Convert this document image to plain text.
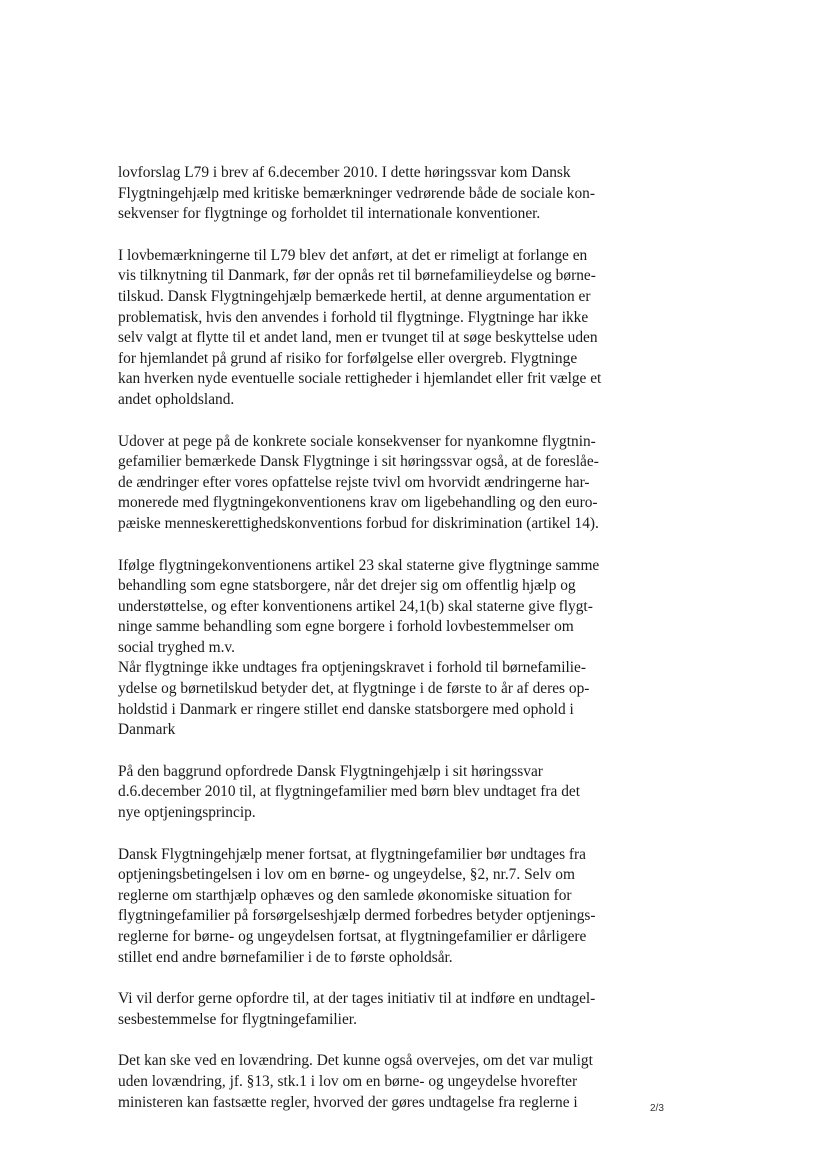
lovforslag L79 i brev af 6.december 2010. I dette høringssvar kom Dansk
Flygtningehjælp med kritiske bemærkninger vedrørende både de sociale kon-
sekvenser for flygtninge og forholdet til internationale konventioner.

I lovbemærkningerne til L79 blev det anført, at det er rimeligt at forlange en
vis tilknytning til Danmark, før der opnås ret til børnefamilieydelse og børne-
tilskud. Dansk Flygtningehjælp bemærkede hertil, at denne argumentation er
problematisk, hvis den anvendes i forhold til flygtninge. Flygtninge har ikke
selv valgt at flytte til et andet land, men er tvunget til at søge beskyttelse uden
for hjemlandet på grund af risiko for forfølgelse eller overgreb. Flygtninge
kan hverken nyde eventuelle sociale rettigheder i hjemlandet eller frit vælge et
andet opholdsland.

Udover at pege på de konkrete sociale konsekvenser for nyankomne flygtnin-
gefamilier bemærkede Dansk Flygtninge i sit høringssvar også, at de foreslåe-
de ændringer efter vores opfattelse rejste tvivl om hvorvidt ændringerne har-
monerede med flygtningekonventionens krav om ligebehandling og den euro-
pæiske menneskerettighedskonventions forbud for diskrimination (artikel 14).

Ifølge flygtningekonventionens artikel 23 skal staterne give flygtninge samme
behandling som egne statsborgere, når det drejer sig om offentlig hjælp og
understøttelse, og efter konventionens artikel 24,1(b) skal staterne give flygt-
ninge samme behandling som egne borgere i forhold lovbestemmelser om
social tryghed m.v.

Når flygtninge ikke undtages fra optjeningskravet i forhold til børnefamilie-
ydelse og børnetilskud betyder det, at flygtninge i de første to år af deres op-
holdstid i Danmark er ringere stillet end danske statsborgere med ophold i
Danmark

På den baggrund opfordrede Dansk Flygtningehjælp i sit høringssvar
d.6.december 2010 til, at flygtningefamilier med børn blev undtaget fra det
nye optjeningsprincip.

Dansk Flygtningehjælp mener fortsat, at flygtningefamilier bør undtages fra
optjeningsbetingelsen i lov om en børne- og ungeydelse, §2, nr.7. Selv om
reglerne om starthjælp ophæves og den samlede økonomiske situation for
flygtningefamilier på forsørgelseshjælp dermed forbedres betyder optjenings-
reglerne for børne- og ungeydelsen fortsat, at flygtningefamilier er dårligere
stillet end andre børnefamilier i de to første opholdsår.

Vi vil derfor gerne opfordre til, at der tages initiativ til at indføre en undtagel-
sesbestemmelse for flygtningefamilier.

Det kan ske ved en lovændring. Det kunne også overvejes, om det var muligt
uden lovændring, jf. §13, stk.1 i lov om en børne- og ungeydelse hvorefter
ministeren kan fastsætte regler, hvorved der gøres undtagelse fra reglerne i	2/3
